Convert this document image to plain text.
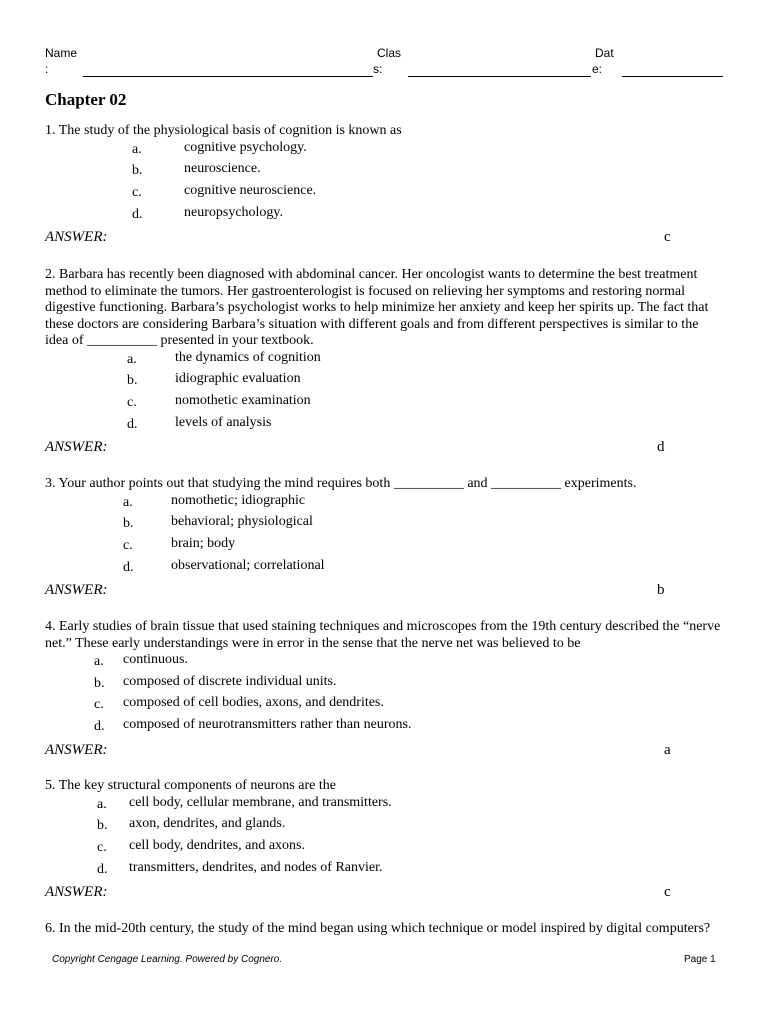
Name
:
Clas
s:
Dat
e:
Chapter 02

1. The study of the physiological basis of cognition is known as

a.	cognitive psychology.
b.	neuroscience.
c.	cognitive neuroscience.
d.	neuropsychology.
ANSWER:	c

2. Barbara has recently been diagnosed with abdominal cancer. Her oncologist wants to determine the best treatment method to eliminate the tumors. Her gastroenterologist is focused on relieving her symptoms and restoring normal digestive functioning. Barbara’s psychologist works to help minimize her anxiety and keep her spirits up. The fact that these doctors are considering Barbara’s situation with different goals and from different perspectives is similar to the idea of __________ presented in your textbook.

a.	the dynamics of cognition
b.	idiographic evaluation
c.	nomothetic examination
d.	levels of analysis
ANSWER:	d

3. Your author points out that studying the mind requires both __________ and __________ experiments.

a.	nomothetic; idiographic
b.	behavioral; physiological
c.	brain; body
d.	observational; correlational
ANSWER:	b

4. Early studies of brain tissue that used staining techniques and microscopes from the 19th century described the “nerve net.” These early understandings were in error in the sense that the nerve net was believed to be

a. continuous.
b. composed of discrete individual units.
c. composed of cell bodies, axons, and dendrites.
d. composed of neurotransmitters rather than neurons.
ANSWER:	a

5. The key structural components of neurons are the

a. cell body, cellular membrane, and transmitters.
b. axon, dendrites, and glands.
c. cell body, dendrites, and axons.
d. transmitters, dendrites, and nodes of Ranvier.
ANSWER:	c

6. In the mid-20th century, the study of the mind began using which technique or model inspired by digital computers?

Copyright Cengage Learning. Powered by Cognero.	Page 1
